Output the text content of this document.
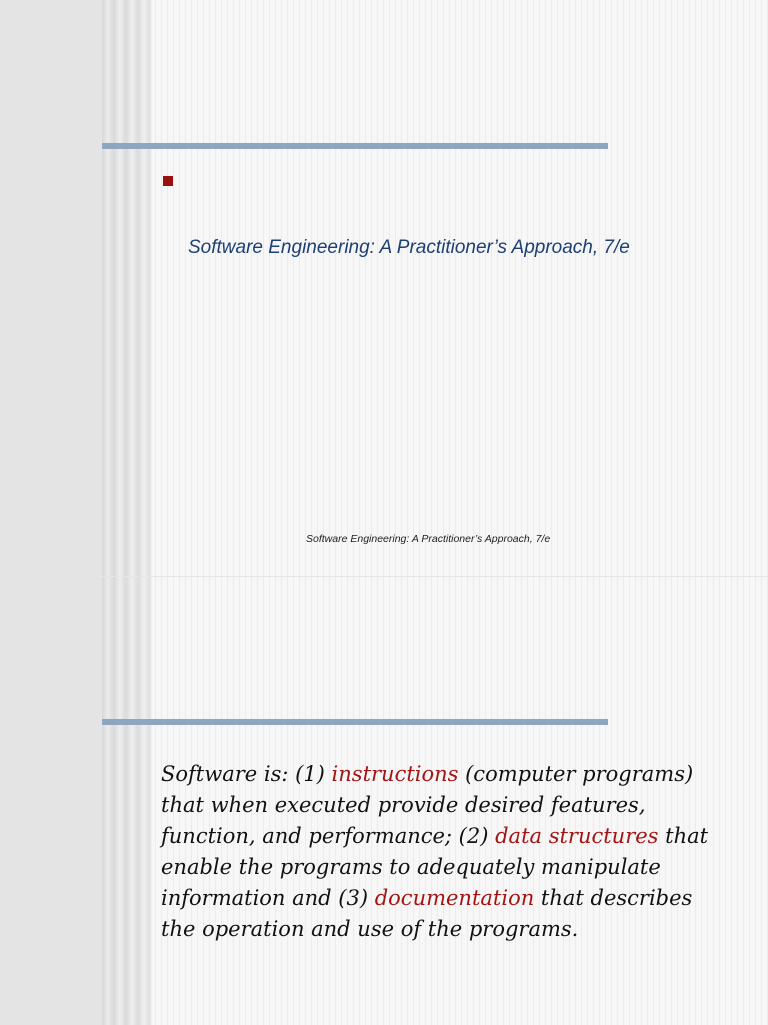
Software Engineering: A Practitioner’s Approach, 7/e
Software Engineering: A Practitioner’s Approach, 7/e

Software is: (1) instructions (computer programs) that when executed provide desired features, function, and performance; (2) data structures that enable the programs to adequately manipulate information and (3) documentation that describes the operation and use of the programs.
